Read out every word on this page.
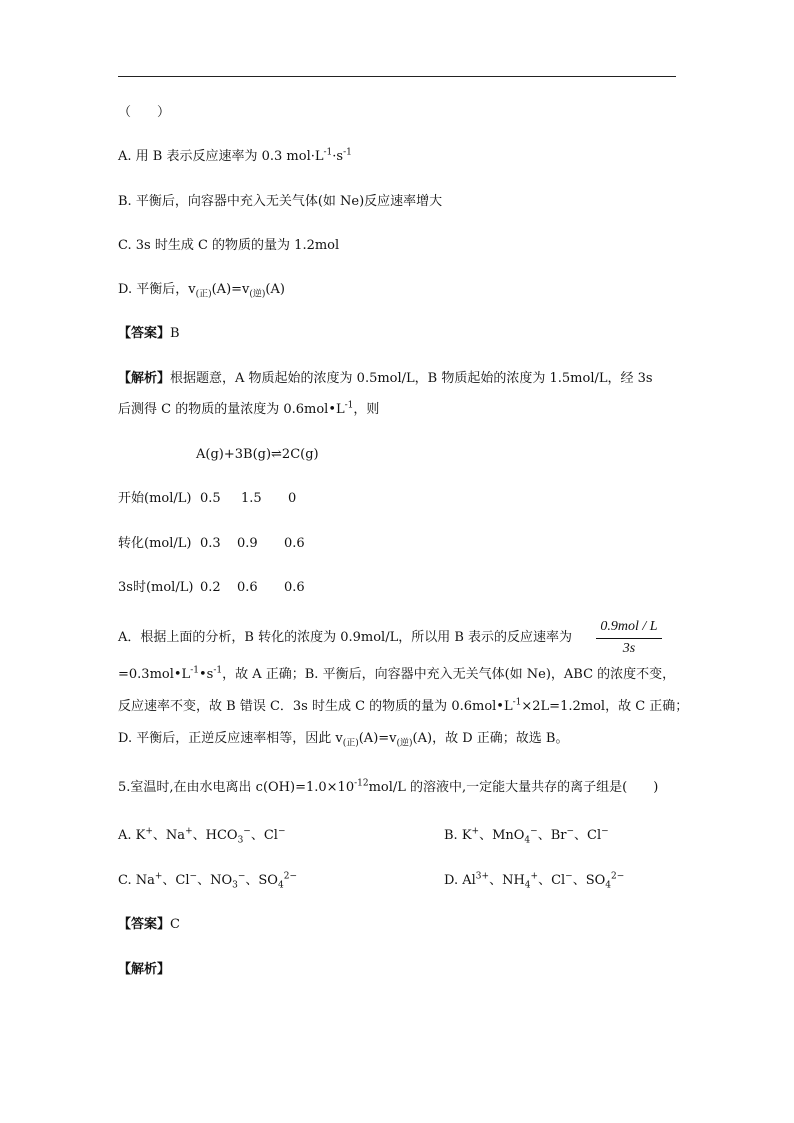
（　　）
A. 用 B 表示反应速率为 0.3 $mol\cdot L^{-1}\cdot s^{-1}$
B. 平衡后，向容器中充入无关气体(如 Ne)反应速率增大
C. 3s 时生成 C 的物质的量为 1.2mol
D. 平衡后，$v_{(正)}(A)=v_{(逆)}(A)$
【答案】B
【解析】根据题意，A 物质起始的浓度为 0.5mol/L，B 物质起始的浓度为 1.5mol/L，经 3s
后测得 C 的物质的量浓度为 $0.6mol•L^{-1}$，则
A(g)+3B(g)⇌2C(g)
开始(mol/L) 0.5 1.5 0
转化(mol/L) 0.3 0.9 0.6
3s时(mol/L) 0.2 0.6 0.6
A．根据上面的分析，B 转化的浓度为 0.9mol/L，所以用 B 表示的反应速率为
0.9mol / L
3s
$=0.3mol•L^{-1}•s^{-1}$，故 A 正确；B. 平衡后，向容器中充入无关气体(如 Ne)，ABC 的浓度不变，
反应速率不变，故 B 错误 C．3s 时生成 C 的物质的量为 $0.6mol•L^{-1}\times 2L=1.2mol$，故 C 正确；
D. 平衡后，正逆反应速率相等，因此 $v_{(正)}(A)=v_{(逆)}(A)$，故 D 正确；故选 B。
5.室温时,在由水电离出 $c(OH)=1.0\times 10^{-12}mol/L$ 的溶液中,一定能大量共存的离子组是(　　)
A. K+、Na+、$HCO_3^-$、Cl−	B. K+、MnO$_4$−、Br−、Cl−
C. Na+、Cl−、$NO_3^-$、$SO_4^{2-}$	D. $Al^{3+}$、$NH_4^+$、Cl−、$SO_4^{2-}$
【答案】C
【解析】
